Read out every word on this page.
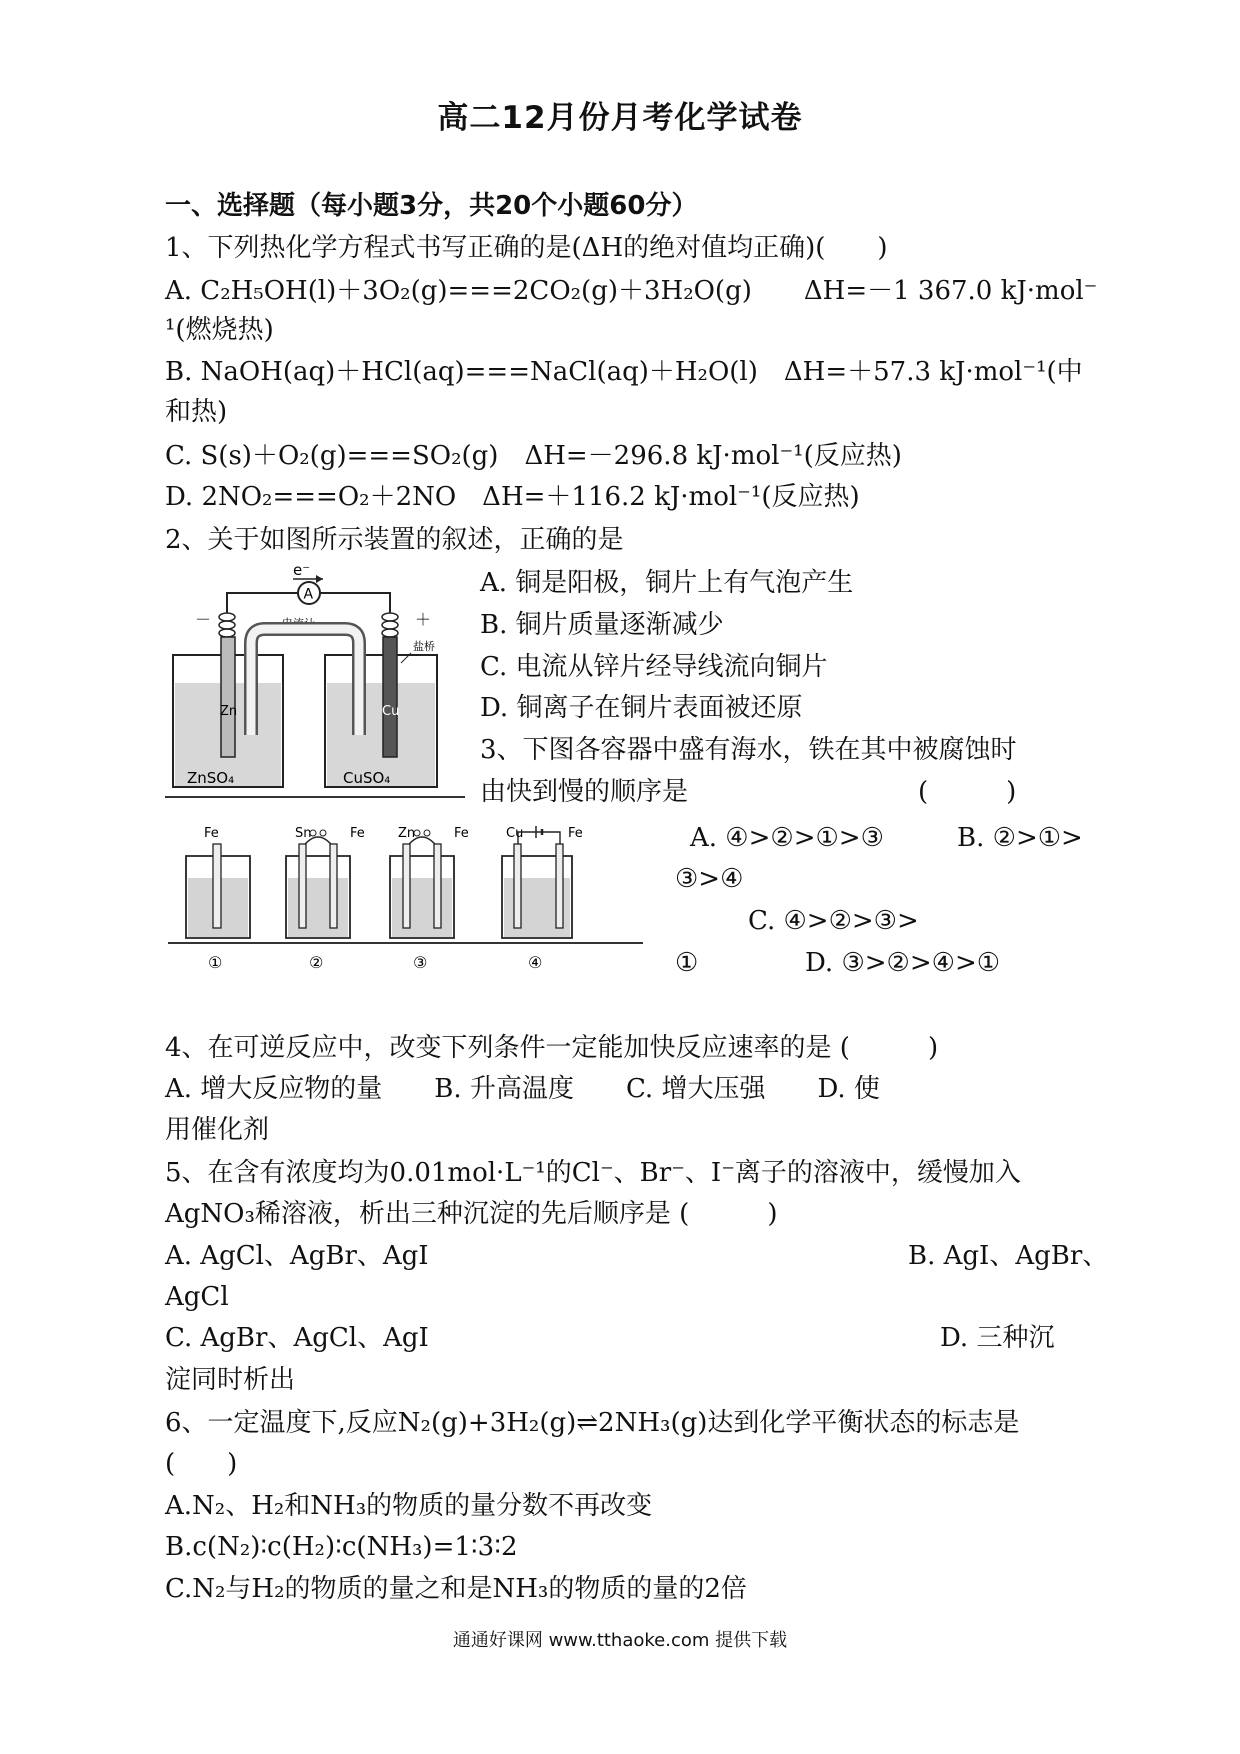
高二12月份月考化学试卷
一、选择题（每小题3分，共20个小题60分）
1、下列热化学方程式书写正确的是(ΔH的绝对值均正确)(　　)
A. C₂H₅OH(l)＋3O₂(g)===2CO₂(g)＋3H₂O(g)　　ΔH=－1 367.0 kJ·mol⁻
¹(燃烧热)
B. NaOH(aq)＋HCl(aq)===NaCl(aq)＋H₂O(l)　ΔH=＋57.3 kJ·mol⁻¹(中
和热)
C. S(s)＋O₂(g)===SO₂(g)　ΔH=－296.8 kJ·mol⁻¹(反应热)
D. 2NO₂===O₂＋2NO　ΔH=＋116.2 kJ·mol⁻¹(反应热)
2、关于如图所示装置的叙述，正确的是
A
e⁻
电流计
－	＋
盐桥
Zn	Cu
ZnSO₄	CuSO₄
A. 铜是阳极，铜片上有气泡产生
B. 铜片质量逐渐减少
C. 电流从锌片经导线流向铜片
D. 铜离子在铜片表面被还原
3、下图各容器中盛有海水，铁在其中被腐蚀时
由快到慢的顺序是	(　　　)
Fe
①
Sn	Fe
②
Zn	Fe
③
Cu	Fe
④
A. ④>②>①>③	B. ②>①>
③>④
C. ④>②>③>
①	D. ③>②>④>①
4、在可逆反应中，改变下列条件一定能加快反应速率的是 (　　　)
A. 增大反应物的量　　B. 升高温度　　C. 增大压强　　D. 使
用催化剂
5、在含有浓度均为0.01mol·L⁻¹的Cl⁻、Br⁻、I⁻离子的溶液中，缓慢加入
AgNO₃稀溶液，析出三种沉淀的先后顺序是 (　　　)
A. AgCl、AgBr、AgI	B. AgI、AgBr、
AgCl
C. AgBr、AgCl、AgI	D. 三种沉
淀同时析出
6、一定温度下,反应N₂(g)+3H₂(g)⇌2NH₃(g)达到化学平衡状态的标志是
(　　)
A.N₂、H₂和NH₃的物质的量分数不再改变
B.c(N₂)∶c(H₂)∶c(NH₃)=1∶3∶2
C.N₂与H₂的物质的量之和是NH₃的物质的量的2倍
通通好课网 www.tthaoke.com 提供下载
